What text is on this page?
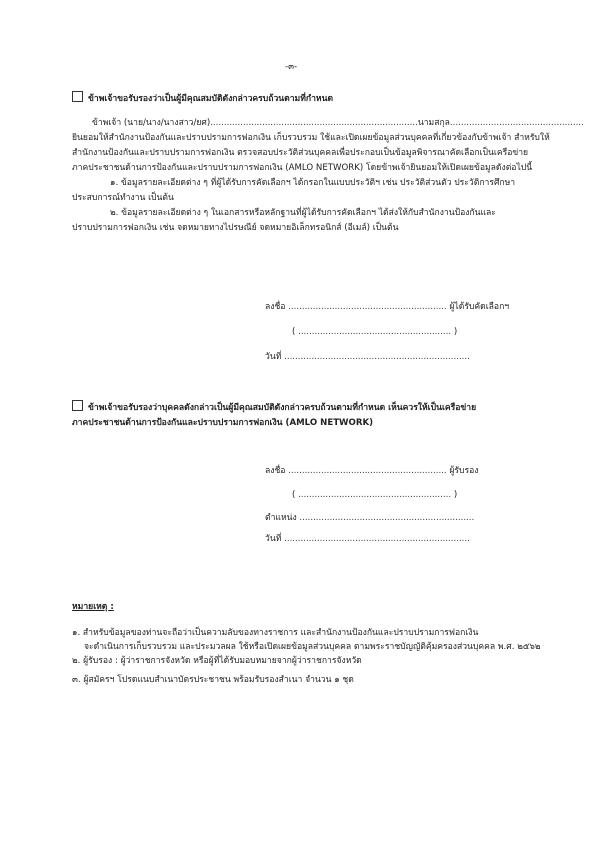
-๓-
ข้าพเจ้าขอรับรองว่าเป็นผู้มีคุณสมบัติดังกล่าวครบถ้วนตามที่กำหนด
ข้าพเจ้า (นาย/นาง/นางสาว/ยศ)............................................................................นามสกุล.................................................
ยินยอมให้สำนักงานป้องกันและปราบปรามการฟอกเงิน เก็บรวบรวม ใช้และเปิดเผยข้อมูลส่วนบุคคลที่เกี่ยวข้องกับข้าพเจ้า สำหรับให้
สำนักงานป้องกันและปราบปรามการฟอกเงิน ตรวจสอบประวัติส่วนบุคคลเพื่อประกอบเป็นข้อมูลพิจารณาคัดเลือกเป็นเครือข่าย
ภาคประชาชนด้านการป้องกันและปราบปรามการฟอกเงิน (AMLO NETWORK) โดยข้าพเจ้ายินยอมให้เปิดเผยข้อมูลดังต่อไปนี้
๑. ข้อมูลรายละเอียดต่าง ๆ ที่ผู้ได้รับการคัดเลือกฯ ได้กรอกในแบบประวัติฯ เช่น ประวัติส่วนตัว ประวัติการศึกษา
ประสบการณ์ทำงาน เป็นต้น
๒. ข้อมูลรายละเอียดต่าง ๆ ในเอกสารหรือหลักฐานที่ผู้ได้รับการคัดเลือกฯ ได้ส่งให้กับสำนักงานป้องกันและ
ปราบปรามการฟอกเงิน เช่น จดหมายทางไปรษณีย์ จดหมายอิเล็กทรอนิกส์ (อีเมล์) เป็นต้น
ลงชื่อ .......................................................... ผู้ได้รับคัดเลือกฯ
( ........................................................ )
วันที่ ....................................................................
ข้าพเจ้าขอรับรองว่าบุคคลดังกล่าวเป็นผู้มีคุณสมบัติดังกล่าวครบถ้วนตามที่กำหนด เห็นควรให้เป็นเครือข่าย
ภาคประชาชนด้านการป้องกันและปราบปรามการฟอกเงิน (AMLO NETWORK)
ลงชื่อ .......................................................... ผู้รับรอง
( ........................................................ )
ตำแหน่ง ................................................................
วันที่ ....................................................................
หมายเหตุ :
๑. สำหรับข้อมูลของท่านจะถือว่าเป็นความลับของทางราชการ และสำนักงานป้องกันและปราบปรามการฟอกเงิน
จะดำเนินการเก็บรวบรวม และประมวลผล ใช้หรือเปิดเผยข้อมูลส่วนบุคคล ตามพระราชบัญญัติคุ้มครองส่วนบุคคล พ.ศ. ๒๕๖๒
๒. ผู้รับรอง : ผู้ว่าราชการจังหวัด หรือผู้ที่ได้รับมอบหมายจากผู้ว่าราชการจังหวัด
๓. ผู้สมัครฯ โปรดแนบสำเนาบัตรประชาชน พร้อมรับรองสำเนา จำนวน ๑ ชุด
